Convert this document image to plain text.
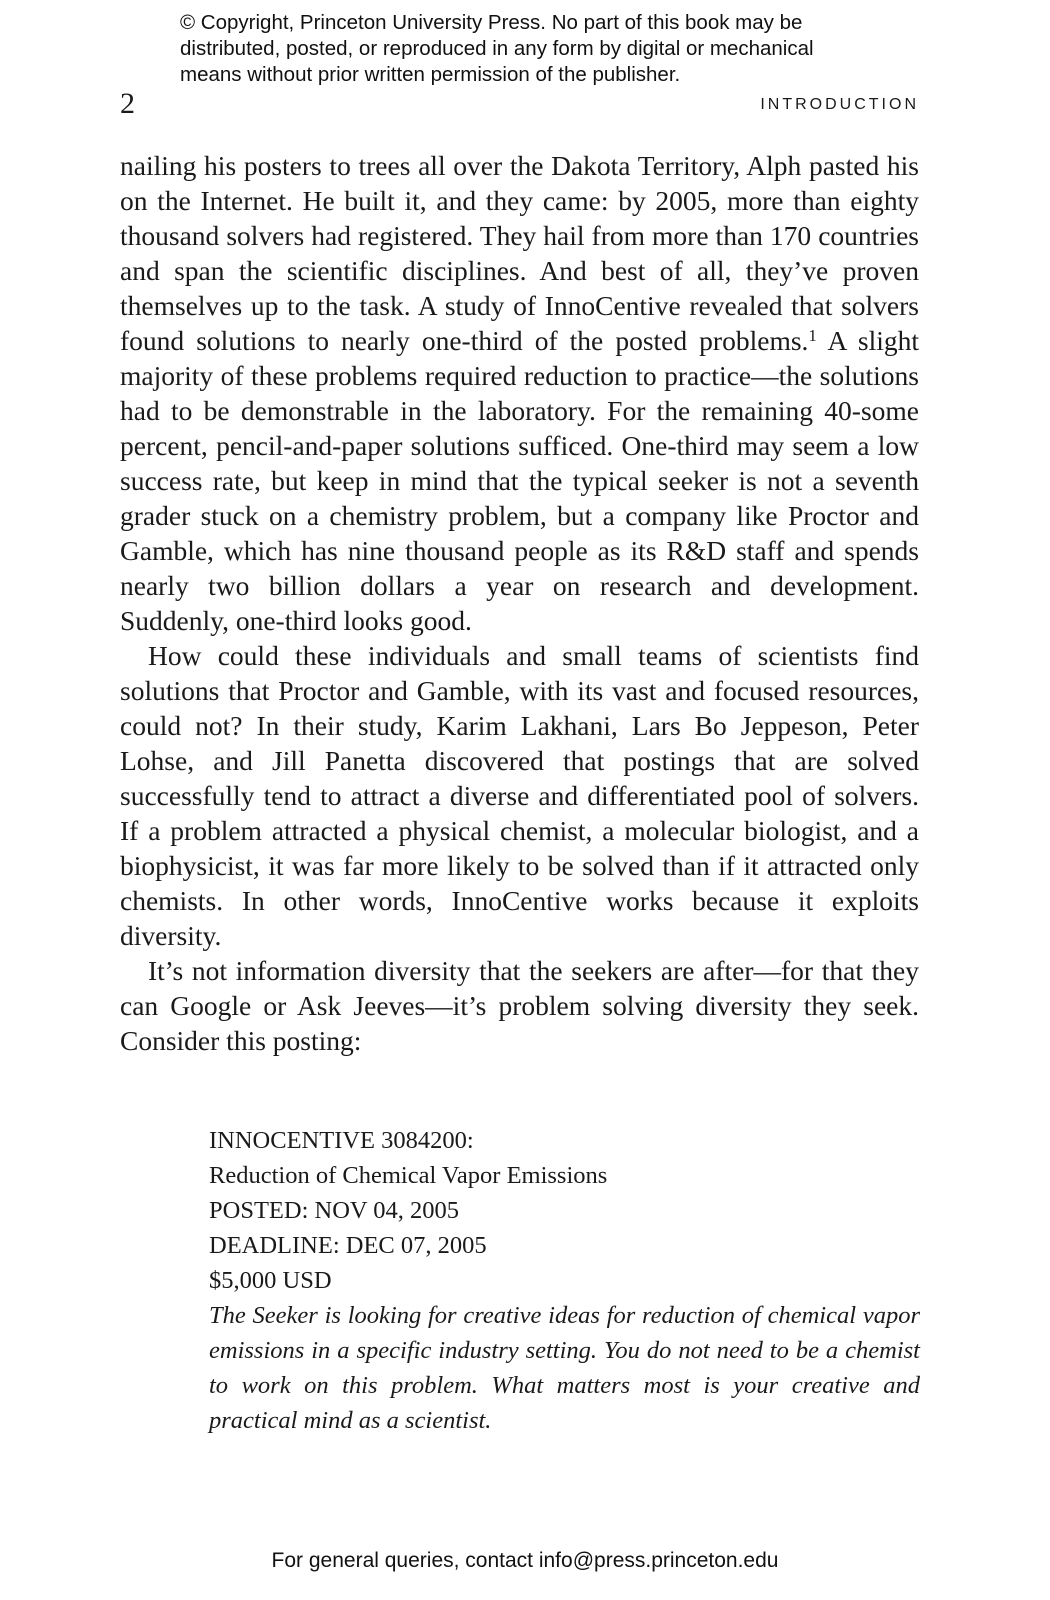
© Copyright, Princeton University Press. No part of this book may be
distributed, posted, or reproduced in any form by digital or mechanical
means without prior written permission of the publisher.
2	INTRODUCTION

nailing his posters to trees all over the Dakota Territory, Alph pasted his on the Internet. He built it, and they came: by 2005, more than eighty thousand solvers had registered. They hail from more than 170 countries and span the scientific disciplines. And best of all, they’ve proven themselves up to the task. A study of InnoCentive revealed that solvers found solutions to nearly one-third of the posted problems.$^1$ A slight majority of these problems required reduction to practice—the solutions had to be demonstrable in the laboratory. For the remaining 40-some percent, pencil-and-paper solutions sufficed. One-third may seem a low success rate, but keep in mind that the typical seeker is not a seventh grader stuck on a chemistry problem, but a company like Proctor and Gamble, which has nine thousand people as its R&D staff and spends nearly two billion dollars a year on research and development. Suddenly, one-third looks good.

How could these individuals and small teams of scientists find solutions that Proctor and Gamble, with its vast and focused resources, could not? In their study, Karim Lakhani, Lars Bo Jeppeson, Peter Lohse, and Jill Panetta discovered that postings that are solved successfully tend to attract a diverse and differentiated pool of solvers. If a problem attracted a physical chemist, a molecular biologist, and a biophysicist, it was far more likely to be solved than if it attracted only chemists. In other words, InnoCentive works because it exploits diversity.

It’s not information diversity that the seekers are after—for that they can Google or Ask Jeeves—it’s problem solving diversity they seek. Consider this posting:

INNOCENTIVE 3084200:
Reduction of Chemical Vapor Emissions
POSTED: NOV 04, 2005
DEADLINE: DEC 07, 2005
$5,000 USD

The Seeker is looking for creative ideas for reduction of chemical vapor emissions in a specific industry setting. You do not need to be a chemist to work on this problem. What matters most is your creative and practical mind as a scientist.

For general queries, contact info@press.princeton.edu
